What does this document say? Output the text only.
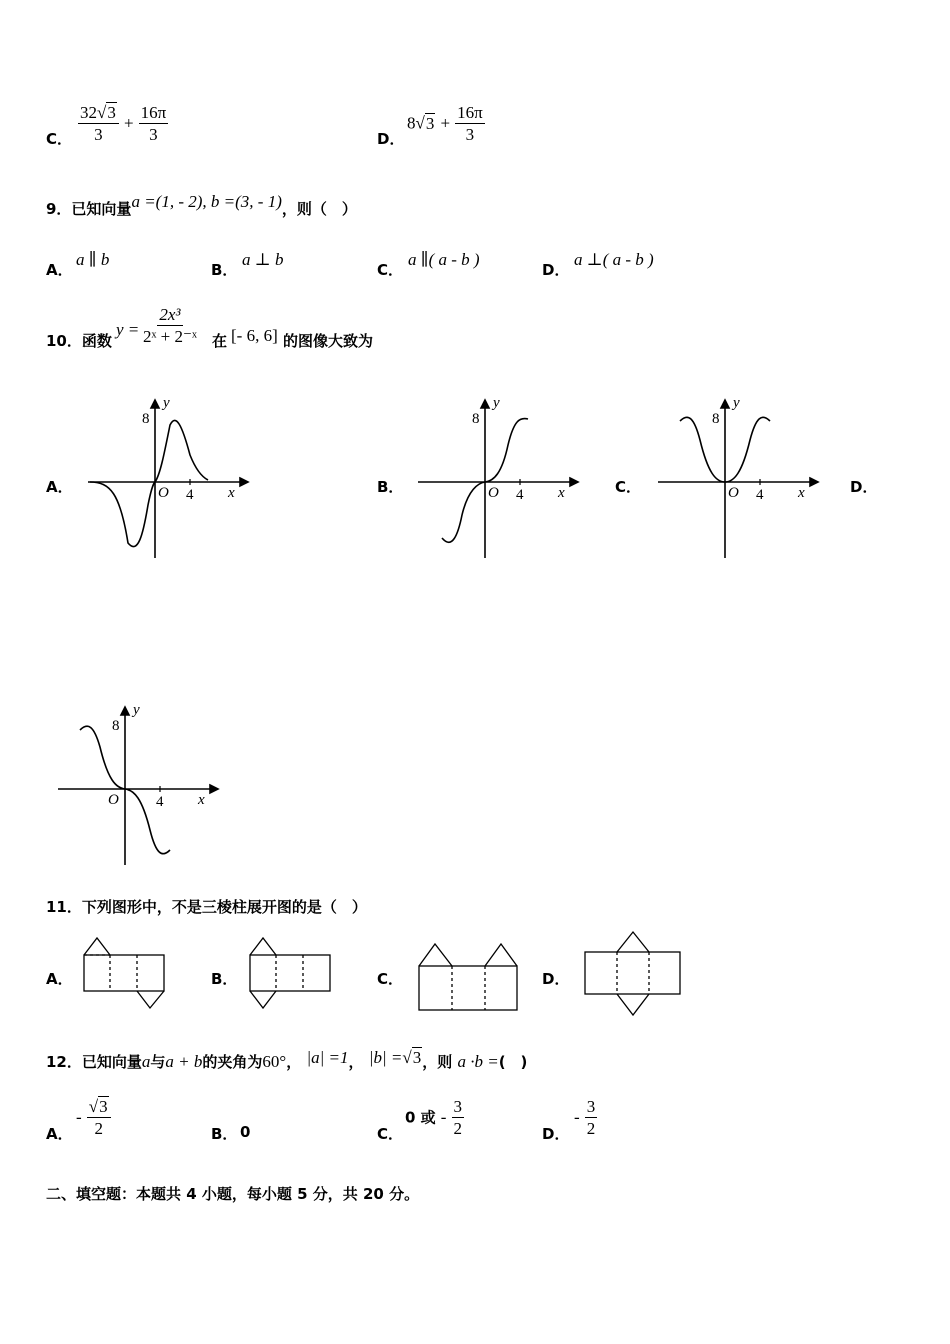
C． $\frac{32√3}{3} + \frac{16\pi}{3}$	D．
$8√3 + \frac{16\pi}{3}$
9．已知向量a =(1, - 2), b =(3, - 1)，则（　）
A．
a ∥ b
B．
a ⊥ b
C．
a ∥( a - b )
D．
a ⊥( a - b )
10．函数
$y = \frac{\text{2x³}}{\text{2ˣ + 2⁻ˣ}}$ 在 [- 6, 6] 的图像大致为
A．	B．	C．	D．
y
x
O 4
8
y
x
O 4
8
y
x
O 4
8
y
x
O 4
8
11．下列图形中，不是三棱柱展开图的是（　）
A．	B．	C．	D．
12．已知向量a与a + b的夹角为60°， |a| =1， |b| =√3，则 a ·b =(　)
A．
- $\frac{√3}{2}$	B． 0	C．
0 或 - $\frac{3}{2}$	D．
- $\frac{3}{2}$
二、填空题：本题共 4 小题，每小题 5 分，共 20 分。
